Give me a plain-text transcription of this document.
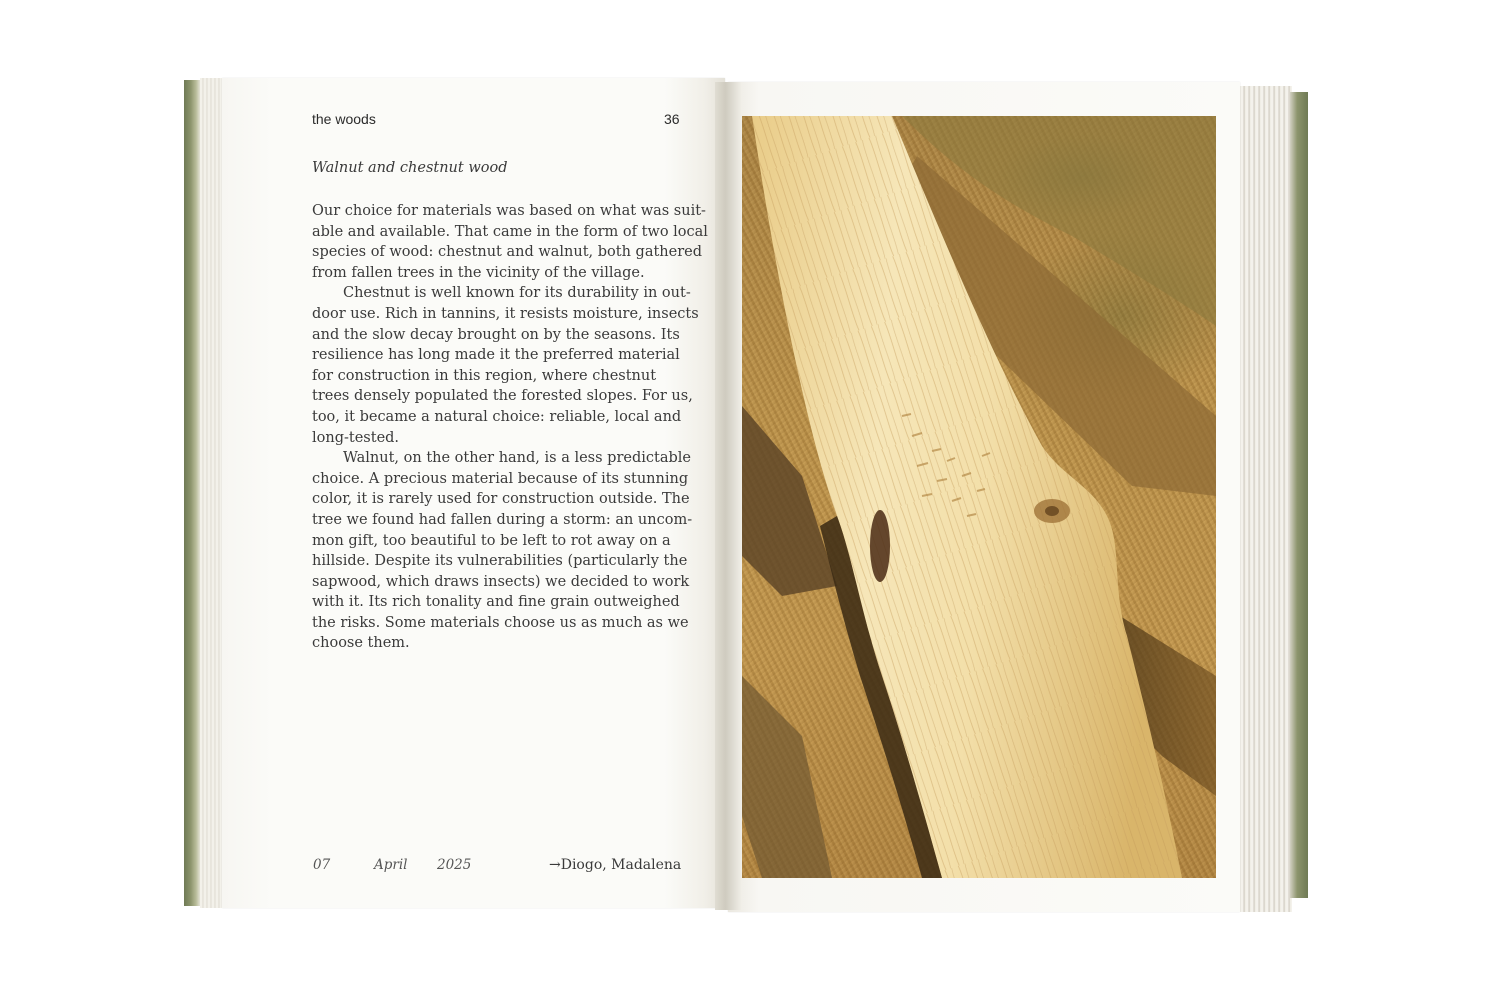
the woods	36
Walnut and chestnut wood
Our choice for materials was based on what was suit-
able and available. That came in the form of two local
species of wood: chestnut and walnut, both gathered
from fallen trees in the vicinity of the village.
Chestnut is well known for its durability in out-
door use. Rich in tannins, it resists moisture, insects
and the slow decay brought on by the seasons. Its
resilience has long made it the preferred material
for construction in this region, where chestnut
trees densely populated the forested slopes. For us,
too, it became a natural choice: reliable, local and
long-tested.
Walnut, on the other hand, is a less predictable
choice. A precious material because of its stunning
color, it is rarely used for construction outside. The
tree we found had fallen during a storm: an uncom-
mon gift, too beautiful to be left to rot away on a
hillside. Despite its vulnerabilities (particularly the
sapwood, which draws insects) we decided to work
with it. Its rich tonality and fine grain outweighed
the risks. Some materials choose us as much as we
choose them.
07	April 2025	→Diogo, Madalena
